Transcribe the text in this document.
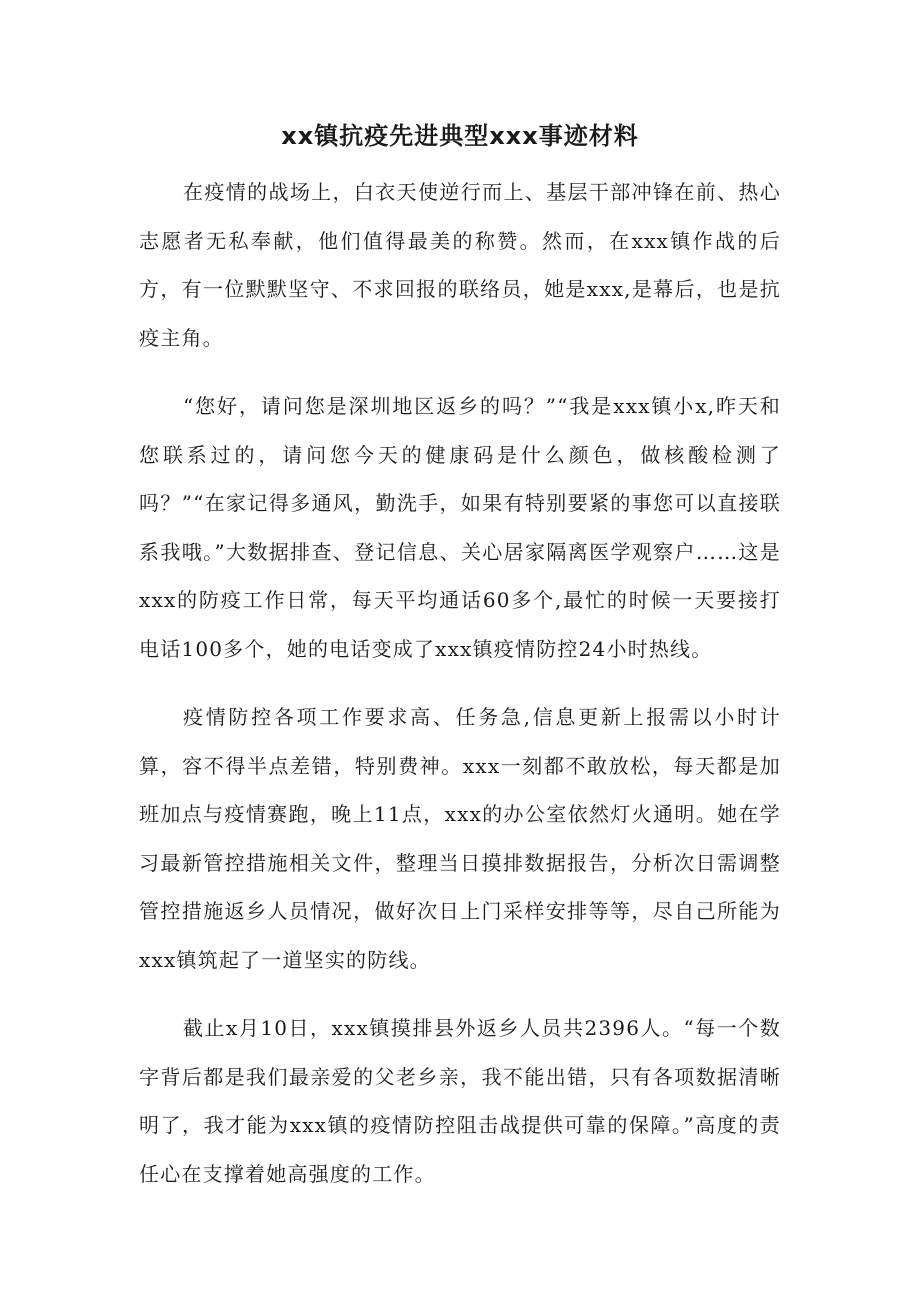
xx镇抗疫先进典型xxx事迹材料

在疫情的战场上，白衣天使逆行而上、基层干部冲锋在前、热心志愿者无私奉献，他们值得最美的称赞。然而，在xxx镇作战的后方，有一位默默坚守、不求回报的联络员，她是xxx,是幕后，也是抗疫主角。

“您好，请问您是深圳地区返乡的吗？”“我是xxx镇小x,昨天和您联系过的，请问您今天的健康码是什么颜色，做核酸检测了吗？”“在家记得多通风，勤洗手，如果有特别要紧的事您可以直接联系我哦。”大数据排查、登记信息、关心居家隔离医学观察户……这是xxx的防疫工作日常，每天平均通话60多个,最忙的时候一天要接打电话100多个，她的电话变成了xxx镇疫情防控24小时热线。

疫情防控各项工作要求高、任务急,信息更新上报需以小时计算，容不得半点差错，特别费神。xxx一刻都不敢放松，每天都是加班加点与疫情赛跑，晚上11点，xxx的办公室依然灯火通明。她在学习最新管控措施相关文件，整理当日摸排数据报告，分析次日需调整管控措施返乡人员情况，做好次日上门采样安排等等，尽自己所能为xxx镇筑起了一道坚实的防线。

截止x月10日，xxx镇摸排县外返乡人员共2396人。“每一个数字背后都是我们最亲爱的父老乡亲，我不能出错，只有各项数据清晰明了，我才能为xxx镇的疫情防控阻击战提供可靠的保障。”高度的责任心在支撑着她高强度的工作。
